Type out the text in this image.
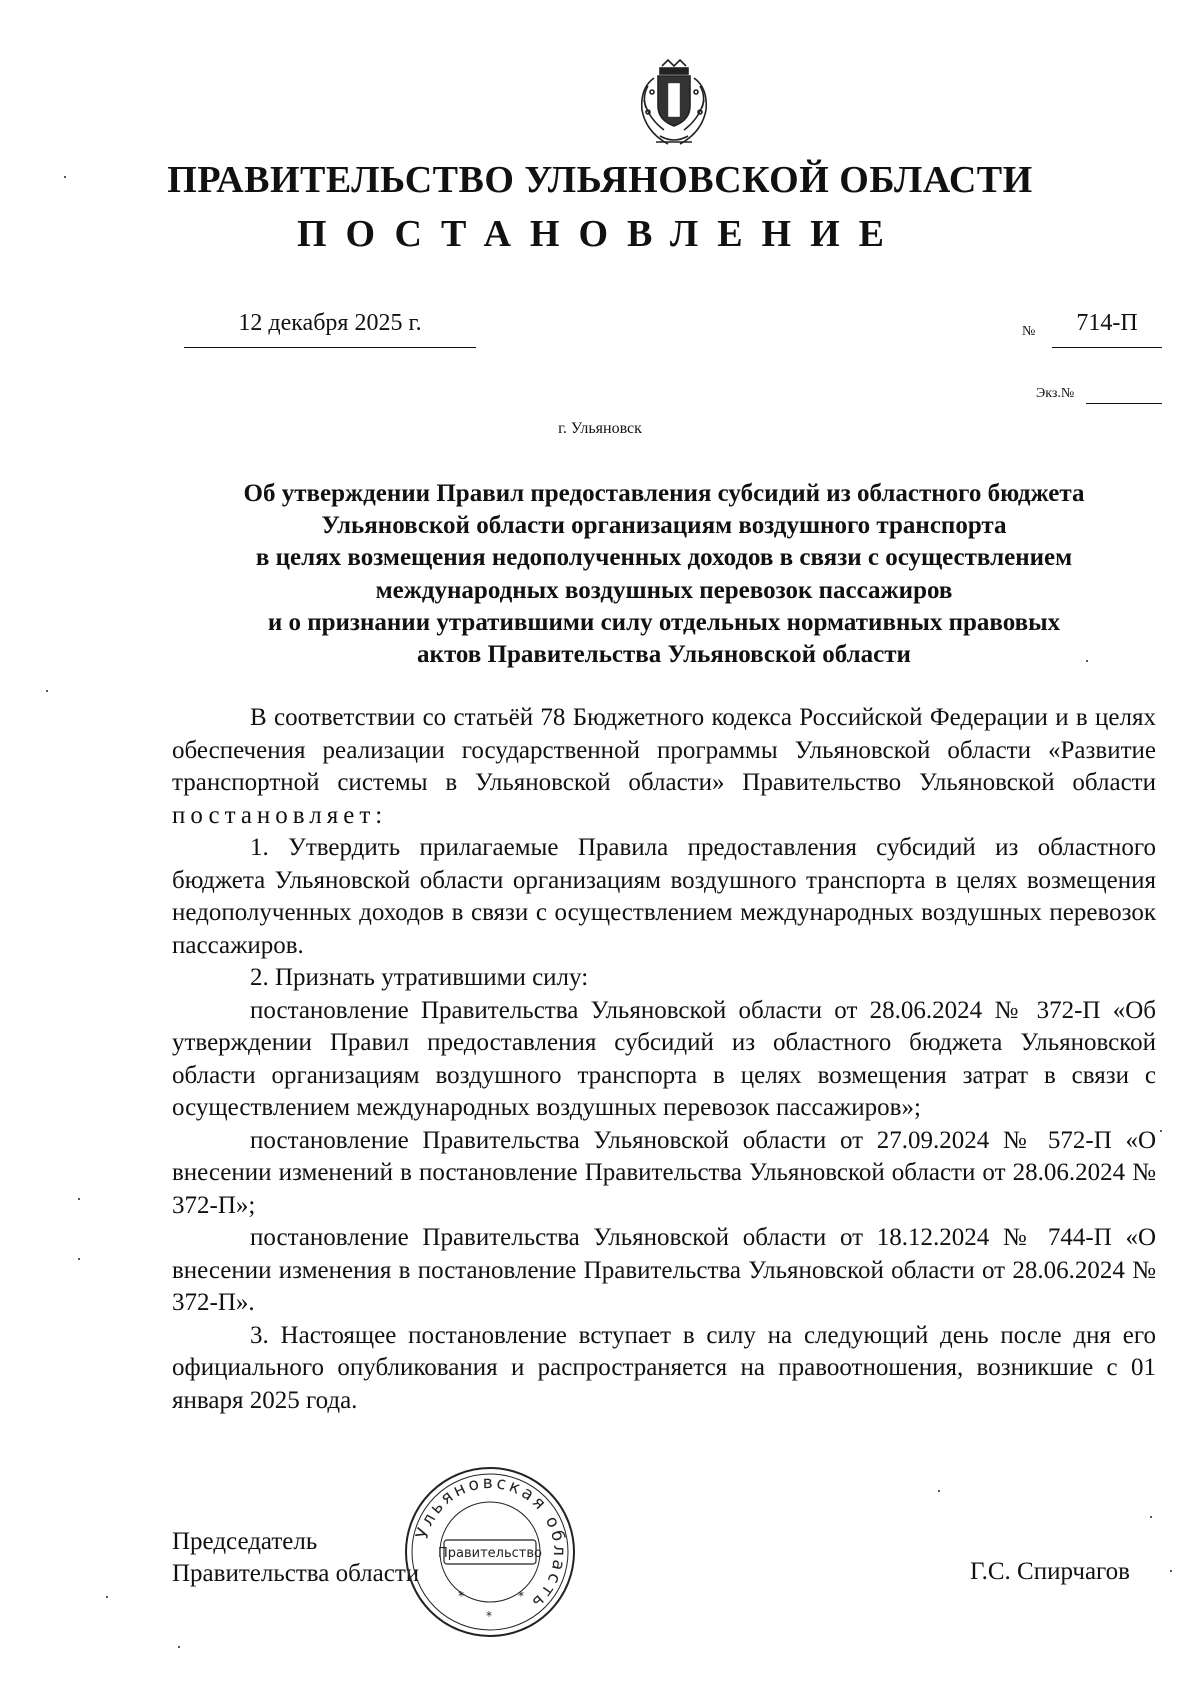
ПРАВИТЕЛЬСТВО УЛЬЯНОВСКОЙ ОБЛАСТИ
ПОСТАНОВЛЕНИЕ
12 декабря 2025 г.	№	714-П
Экз.№
г. Ульяновск
Об утверждении Правил предоставления субсидий из областного бюджета
Ульяновской области организациям воздушного транспорта
в целях возмещения недополученных доходов в связи с осуществлением
международных воздушных перевозок пассажиров
и о признании утратившими силу отдельных нормативных правовых
актов Правительства Ульяновской области

В соответствии со статьёй 78 Бюджетного кодекса Российской Федерации и в целях обеспечения реализации государственной программы Ульяновской области «Развитие транспортной системы в Ульяновской области» Правительство Ульяновской области постановляет:

1. Утвердить прилагаемые Правила предоставления субсидий из областного бюджета Ульяновской области организациям воздушного транспорта в целях возмещения недополученных доходов в связи с осуществлением международных воздушных перевозок пассажиров.

2. Признать утратившими силу:

постановление Правительства Ульяновской области от 28.06.2024 № 372-П «Об утверждении Правил предоставления субсидий из областного бюджета Ульяновской области организациям воздушного транспорта в целях возмещения затрат в связи с осуществлением международных воздушных перевозок пассажиров»;

постановление Правительства Ульяновской области от 27.09.2024 № 572-П «О внесении изменений в постановление Правительства Ульяновской области от 28.06.2024 № 372-П»;

постановление Правительства Ульяновской области от 18.12.2024 № 744-П «О внесении изменения в постановление Правительства Ульяновской области от 28.06.2024 № 372-П».

3. Настоящее постановление вступает в силу на следующий день после дня его официального опубликования и распространяется на правоотношения, возникшие с 01 января 2025 года.

Председатель
Правительства области	Г.С. Спирчагов
Ульяновская область
Правительство
*	*
*
